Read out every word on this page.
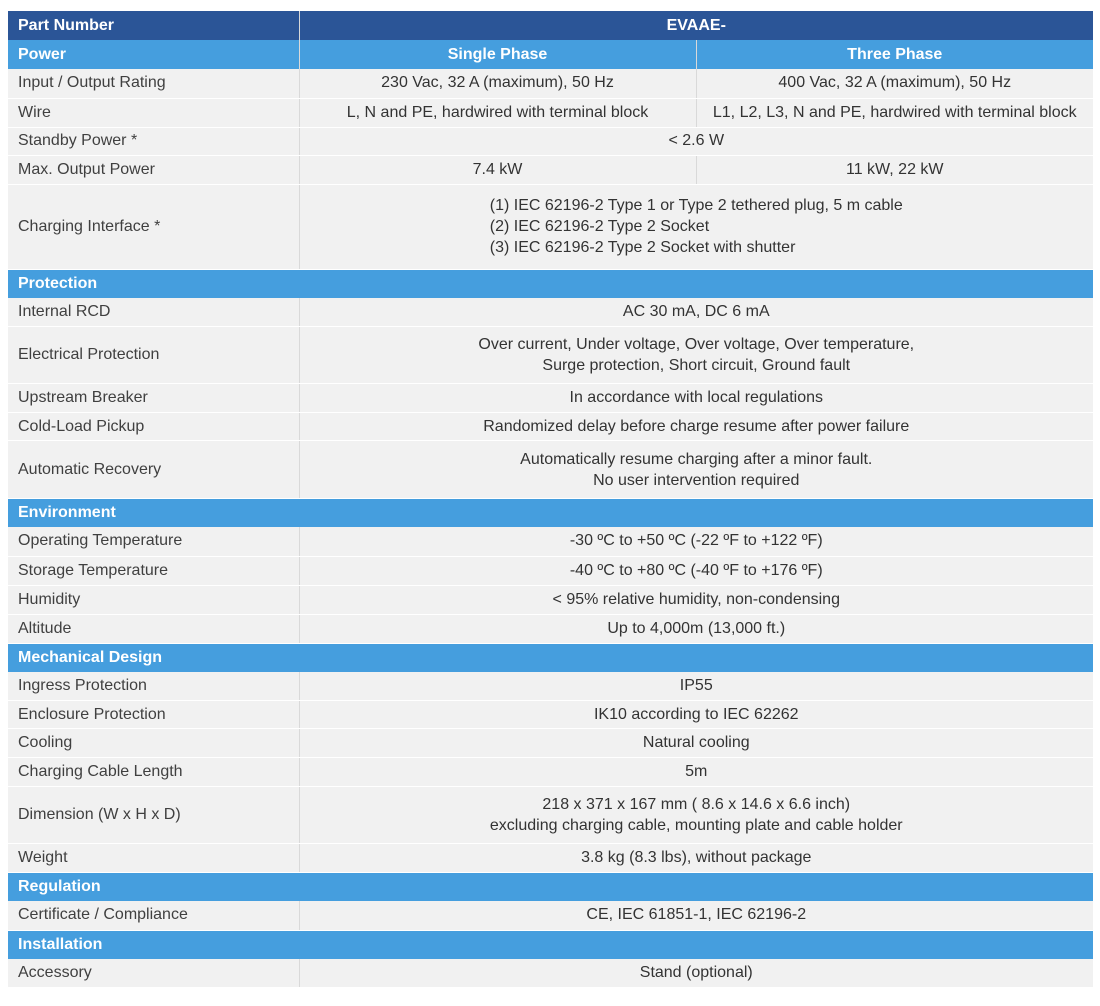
Part Number	EVAAE-	
Power	Single Phase	Three Phase
Input / Output Rating	230 Vac, 32 A (maximum), 50 Hz	400 Vac, 32 A (maximum), 50 Hz
Wire	L, N and PE, hardwired with terminal block	L1, L2, L3, N and PE, hardwired with terminal block
Standby Power *	< 2.6 W	
Max. Output Power	7.4 kW	11 kW, 22 kW
Charging Interface *	(1) IEC 62196-2 Type 1 or Type 2 tethered plug, 5 m cable
(2) IEC 62196-2 Type 2 Socket
(3) IEC 62196-2 Type 2 Socket with shutter	

Protection		
Internal RCD	AC 30 mA, DC 6 mA	
Electrical Protection	Over current, Under voltage, Over voltage, Over temperature,
Surge protection, Short circuit, Ground fault	

Upstream Breaker	In accordance with local regulations	
Cold-Load Pickup	Randomized delay before charge resume after power failure	
Automatic Recovery	Automatically resume charging after a minor fault.
No user intervention required	

Environment		
Operating Temperature	-30 ºC to +50 ºC (-22 ºF to +122 ºF)	
Storage Temperature	-40 ºC to +80 ºC (-40 ºF to +176 ºF)	
Humidity	< 95% relative humidity, non-condensing	
Altitude	Up to 4,000m (13,000 ft.)	
Mechanical Design		
Ingress Protection	IP55	
Enclosure Protection	IK10 according to IEC 62262	
Cooling	Natural cooling	
Charging Cable Length	5m	
Dimension (W x H x D)	218 x 371 x 167 mm ( 8.6 x 14.6 x 6.6 inch)
excluding charging cable, mounting plate and cable holder	

Weight	3.8 kg (8.3 lbs), without package	
Regulation		
Certificate / Compliance	CE, IEC 61851-1, IEC 62196-2	
Installation		
Accessory	Stand (optional)	
